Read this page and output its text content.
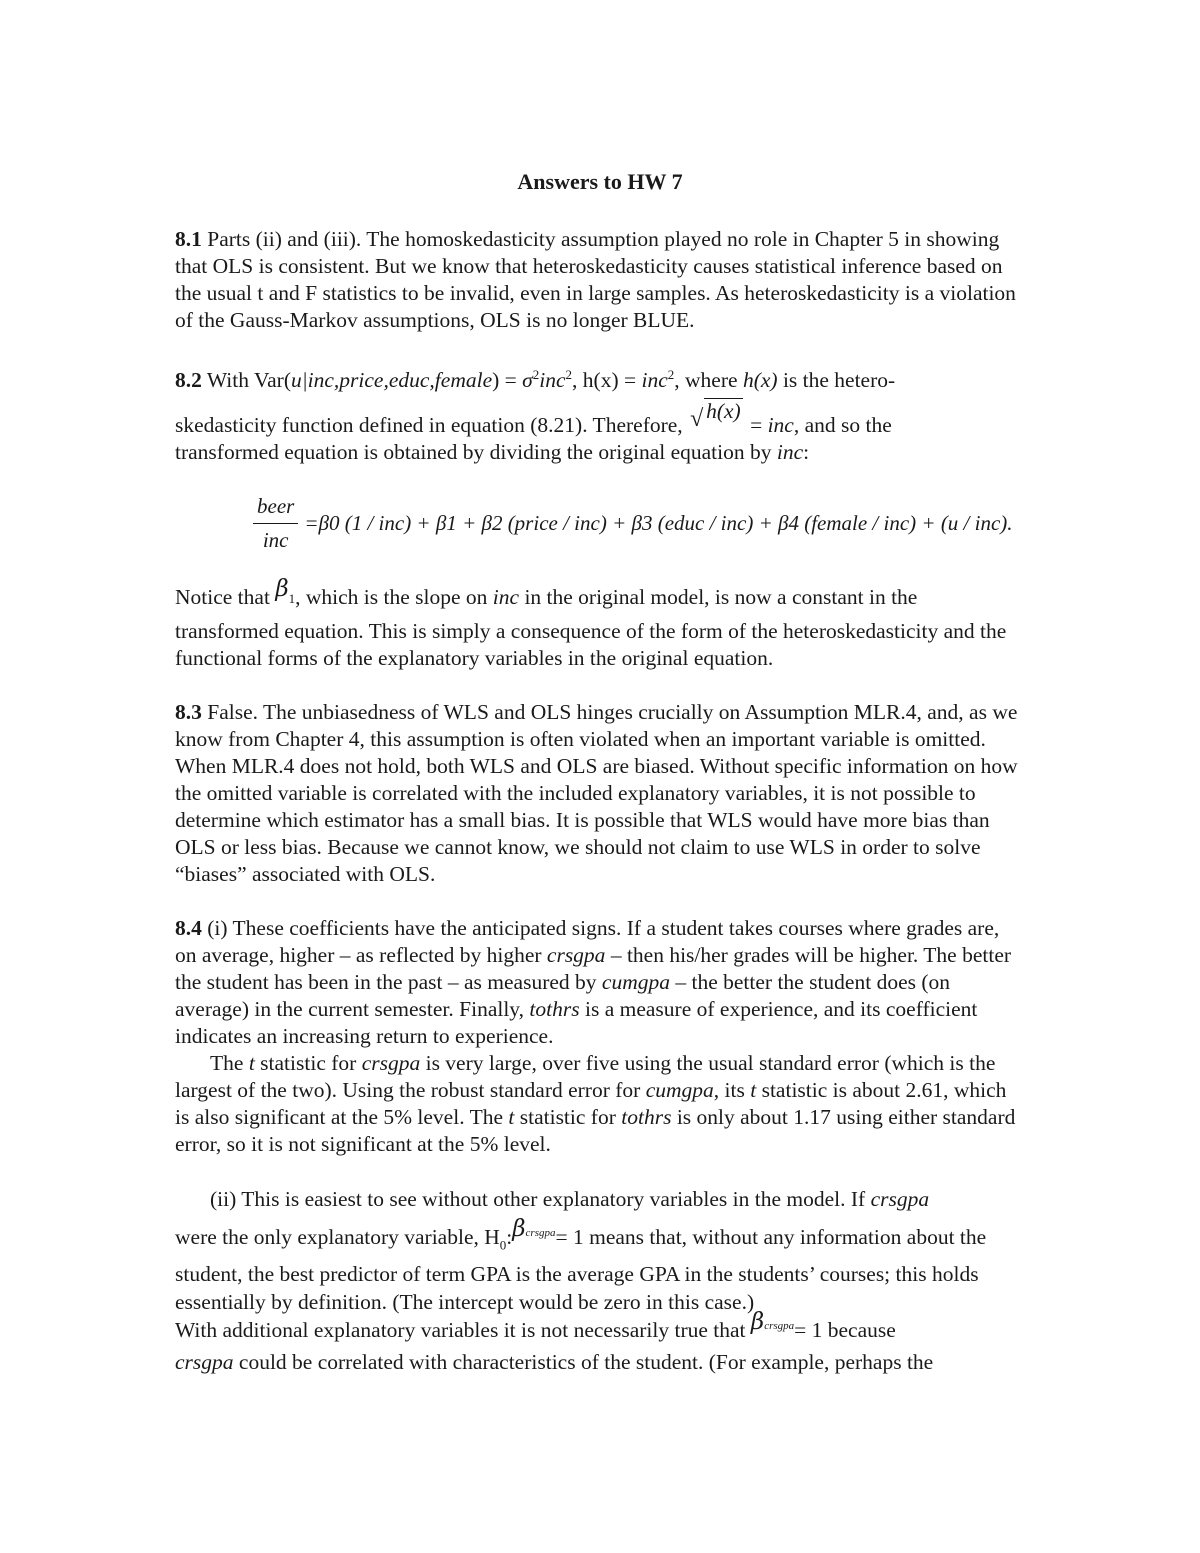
Answers to HW 7

8.1 Parts (ii) and (iii). The homoskedasticity assumption played no role in Chapter 5 in showing that OLS is consistent. But we know that heteroskedasticity causes statistical inference based on the usual t and F statistics to be invalid, even in large samples. As heteroskedasticity is a violation of the Gauss-Markov assumptions, OLS is no longer BLUE.

8.2 With Var(u|inc,price,educ,female) = $\sigma^2inc^2$, h(x) = inc$^2$, where h(x) is the hetero-

skedasticity function defined in equation (8.21). Therefore, √ h(x) = inc, and so the
transformed equation is obtained by dividing the original equation by inc:

$\frac{\text{beer}}{\text{inc}} =\beta 0$ (1 / inc) + β1 + β2 (price / inc) + β3 (educ / inc) + β4 (female / inc) + (u / inc).

Notice that $\beta_1$, which is the slope on inc in the original model, is now a constant in the transformed equation. This is simply a consequence of the form of the heteroskedasticity and the functional forms of the explanatory variables in the original equation.

8.3 False. The unbiasedness of WLS and OLS hinges crucially on Assumption MLR.4, and, as we know from Chapter 4, this assumption is often violated when an important variable is omitted. When MLR.4 does not hold, both WLS and OLS are biased. Without specific information on how the omitted variable is correlated with the included explanatory variables, it is not possible to determine which estimator has a small bias. It is possible that WLS would have more bias than OLS or less bias. Because we cannot know, we should not claim to use WLS in order to solve “biases” associated with OLS.

8.4 (i) These coefficients have the anticipated signs. If a student takes courses where grades are, on average, higher – as reflected by higher crsgpa – then his/her grades will be higher. The better the student has been in the past – as measured by cumgpa – the better the student does (on average) in the current semester. Finally, tothrs is a measure of experience, and its coefficient indicates an increasing return to experience.

The t statistic for crsgpa is very large, over five using the usual standard error (which is the largest of the two). Using the robust standard error for cumgpa, its t statistic is about 2.61, which is also significant at the 5% level. The t statistic for tothrs is only about 1.17 using either standard error, so it is not significant at the 5% level.

(ii) This is easiest to see without other explanatory variables in the model. If crsgpa

were the only explanatory variable, $H_0:\beta^{crsgpa}= 1$ means that, without any information about the student, the best predictor of term GPA is the average GPA in the students’ courses; this holds essentially by definition. (The intercept would be zero in this case.)
With additional explanatory variables it is not necessarily true that $\beta^{crsgpa}= 1$ because
crsgpa could be correlated with characteristics of the student. (For example, perhaps the
